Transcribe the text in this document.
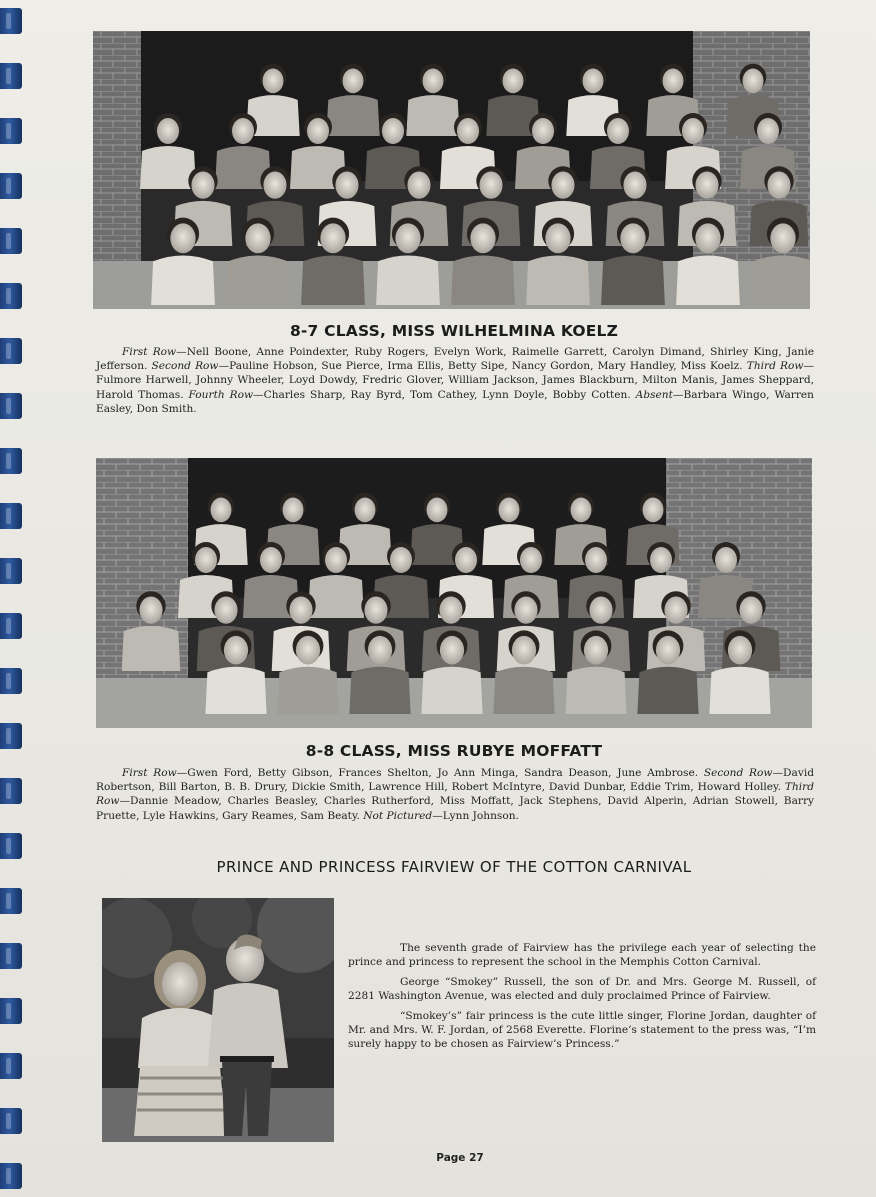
8-7 CLASS, MISS WILHELMINA KOELZ
First Row—Nell Boone, Anne Poindexter, Ruby Rogers, Evelyn Work, Raimelle Garrett, Carolyn Dimand, Shirley King, Janie Jefferson. Second Row—Pauline Hobson, Sue Pierce, Irma Ellis, Betty Sipe, Nancy Gordon, Mary Handley, Miss Koelz. Third Row—Fulmore Harwell, Johnny Wheeler, Loyd Dowdy, Fredric Glover, William Jackson, James Blackburn, Milton Manis, James Sheppard, Harold Thomas. Fourth Row—Charles Sharp, Ray Byrd, Tom Cathey, Lynn Doyle, Bobby Cotten. Absent—Barbara Wingo, Warren Easley, Don Smith.
8-8 CLASS, MISS RUBYE MOFFATT
First Row—Gwen Ford, Betty Gibson, Frances Shelton, Jo Ann Minga, Sandra Deason, June Ambrose. Second Row—David Robertson, Bill Barton, B. B. Drury, Dickie Smith, Lawrence Hill, Robert McIntyre, David Dunbar, Eddie Trim, Howard Holley. Third Row—Dannie Meadow, Charles Beasley, Charles Rutherford, Miss Moffatt, Jack Stephens, David Alperin, Adrian Stowell, Barry Pruette, Lyle Hawkins, Gary Reames, Sam Beaty. Not Pictured—Lynn Johnson.
PRINCE AND PRINCESS FAIRVIEW OF THE COTTON CARNIVAL

The seventh grade of Fairview has the privilege each year of selecting the prince and princess to represent the school in the Memphis Cotton Carnival.

George “Smokey” Russell, the son of Dr. and Mrs. George M. Russell, of 2281 Washington Avenue, was elected and duly proclaimed Prince of Fairview.

“Smokey’s” fair princess is the cute little singer, Florine Jordan, daughter of Mr. and Mrs. W. F. Jordan, of 2568 Everette. Florine’s statement to the press was, “I’m surely happy to be chosen as Fairview’s Princess.”

Page 27
